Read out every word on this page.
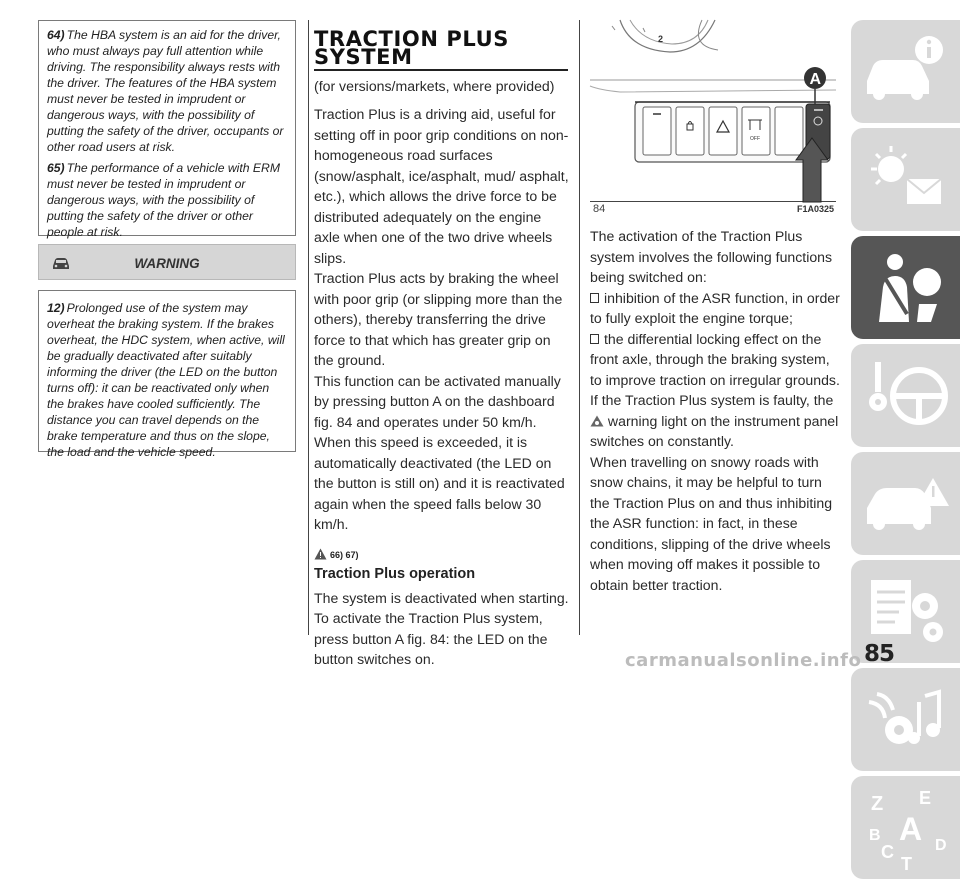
64) The HBA system is an aid for the driver, who must always pay full attention while driving. The responsibility always rests with the driver. The features of the HBA system must never be tested in imprudent or dangerous ways, with the possibility of putting the safety of the driver, occupants or other road users at risk.

65) The performance of a vehicle with ERM must never be tested in imprudent or dangerous ways, with the possibility of putting the safety of the driver or other people at risk.

WARNING

12) Prolonged use of the system may overheat the braking system. If the brakes overheat, the HDC system, when active, will be gradually deactivated after suitably informing the driver (the LED on the button turns off): it can be reactivated only when the brakes have cooled sufficiently. The distance you can travel depends on the brake temperature and thus on the slope, the load and the vehicle speed.

TRACTION PLUS
SYSTEM
(for versions/markets, where provided)
Traction Plus is a driving aid, useful for setting off in poor grip conditions on non-homogeneous road surfaces (snow/asphalt, ice/asphalt, mud/ asphalt, etc.), which allows the drive force to be distributed adequately on the engine axle when one of the two drive wheels slips.
Traction Plus acts by braking the wheel with poor grip (or slipping more than the others), thereby transferring the drive force to that which has greater grip on the ground.
This function can be activated manually by pressing button A on the dashboard fig. 84 and operates under 50 km/h. When this speed is exceeded, it is automatically deactivated (the LED on the button is still on) and it is reactivated again when the speed falls below 30 km/h.
66) 67)
Traction Plus operation
The system is deactivated when starting. To activate the Traction Plus system, press button A fig. 84: the LED on the button switches on.
2
OFF
A
84	F1A0325
The activation of the Traction Plus system involves the following functions being switched on:
inhibition of the ASR function, in order to fully exploit the engine torque;
the differential locking effect on the front axle, through the braking system, to improve traction on irregular grounds.
If the Traction Plus system is faulty, the
warning light on the instrument panel switches on constantly.
When travelling on snowy roads with snow chains, it may be helpful to turn the Traction Plus on and thus inhibiting the ASR function: in fact, in these conditions, slipping of the drive wheels when moving off makes it possible to obtain better traction.
Z E
A
B
C	D
T
85
carmanualsonline.info
